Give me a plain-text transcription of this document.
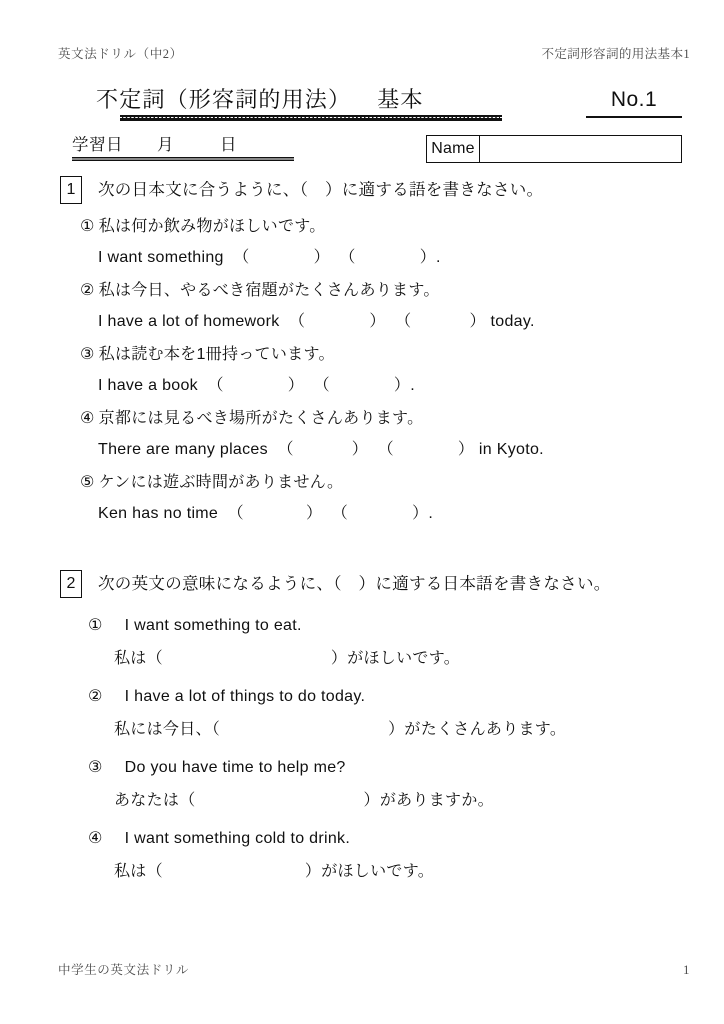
英文法ドリル（中2）	不定詞形容詞的用法基本1
不定詞（形容詞的用法） 基本	No.1
学習日 月	日	Name
1	次の日本文に合うように、（　）に適する語を書きなさい。
① 私は何か飲み物がほしいです。
I want something
（	）
（	） .
② 私は今日、やるべき宿題がたくさんあります。
I have a lot of homework
（	）
（	） today.
③ 私は読む本を1冊持っています。
I have a book
（	）
（	） .
④ 京都には見るべき場所がたくさんあります。
There are many places
（	）
（	） in Kyoto.
⑤ ケンには遊ぶ時間がありません。
Ken has no time
（	）
（	） .
2	次の英文の意味になるように、（　）に適する日本語を書きなさい。
① I want something to eat.
私は（	）がほしいです。
② I have a lot of things to do today.
私には今日、（	）がたくさんあります。
③ Do you have time to help me?
あなたは（	）がありますか。
④ I want something cold to drink.
私は（	）がほしいです。
中学生の英文法ドリル	1
